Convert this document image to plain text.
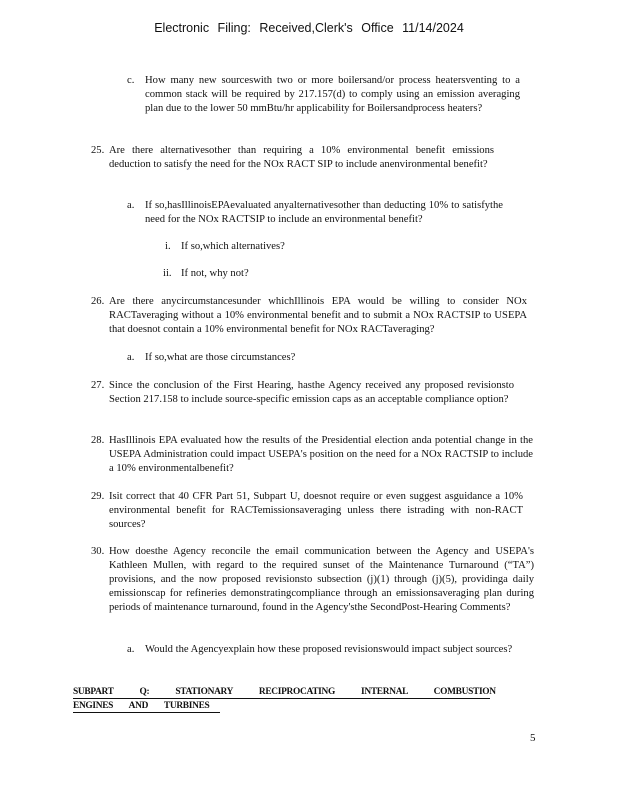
Electronic Filing: Received,Clerk's Office 11/14/2024
c. How many new sourceswith two or more boilersand/or process heatersventing to a common stack will be required by 217.157(d) to comply using an emission averaging plan due to the lower 50 mmBtu/hr applicability for Boilersandprocess heaters?

25. Are there alternativesother than requiring a 10% environmental benefit emissions deduction to satisfy the need for the NOx RACT SIP to include anenvironmental benefit?

a. If so,hasIllinoisEPAevaluated anyalternativesother than deducting 10% to satisfythe need for the NOx RACTSIP to include an environmental benefit?

i. If so,which alternatives?
ii. If not, why not?
26. Are there anycircumstancesunder whichIllinois EPA would be willing to consider NOx RACTaveraging without a 10% environmental benefit and to submit a NOx RACTSIP to USEPA that doesnot contain a 10% environmental benefit for NOx RACTaveraging?

a. If so,what are those circumstances?
27. Since the conclusion of the First Hearing, hasthe Agency received any proposed revisionsto Section 217.158 to include source-specific emission caps as an acceptable compliance option?

28. HasIllinois EPA evaluated how the results of the Presidential election anda potential change in the USEPA Administration could impact USEPA's position on the need for a NOx RACTSIP to include a 10% environmentalbenefit?

29. Isit correct that 40 CFR Part 51, Subpart U, doesnot require or even suggest asguidance a 10% environmental benefit for RACTemissionsaveraging unless there istrading with non-RACT sources?

30. How doesthe Agency reconcile the email communication between the Agency and USEPA's Kathleen Mullen, with regard to the required sunset of the Maintenance Turnaround (“TA”) provisions, and the now proposed revisionsto subsection (j)(1) through (j)(5), providinga daily emissionscap for refineries demonstratingcompliance through an emissionsaveraging plan during periods of maintenance turnaround, found in the Agency'sthe SecondPost-Hearing Comments?

a. Would the Agencyexplain how these proposed revisionswould impact subject sources?

SUBPART Q: STATIONARY RECIPROCATING INTERNAL COMBUSTION
ENGINES AND TURBINES
5
